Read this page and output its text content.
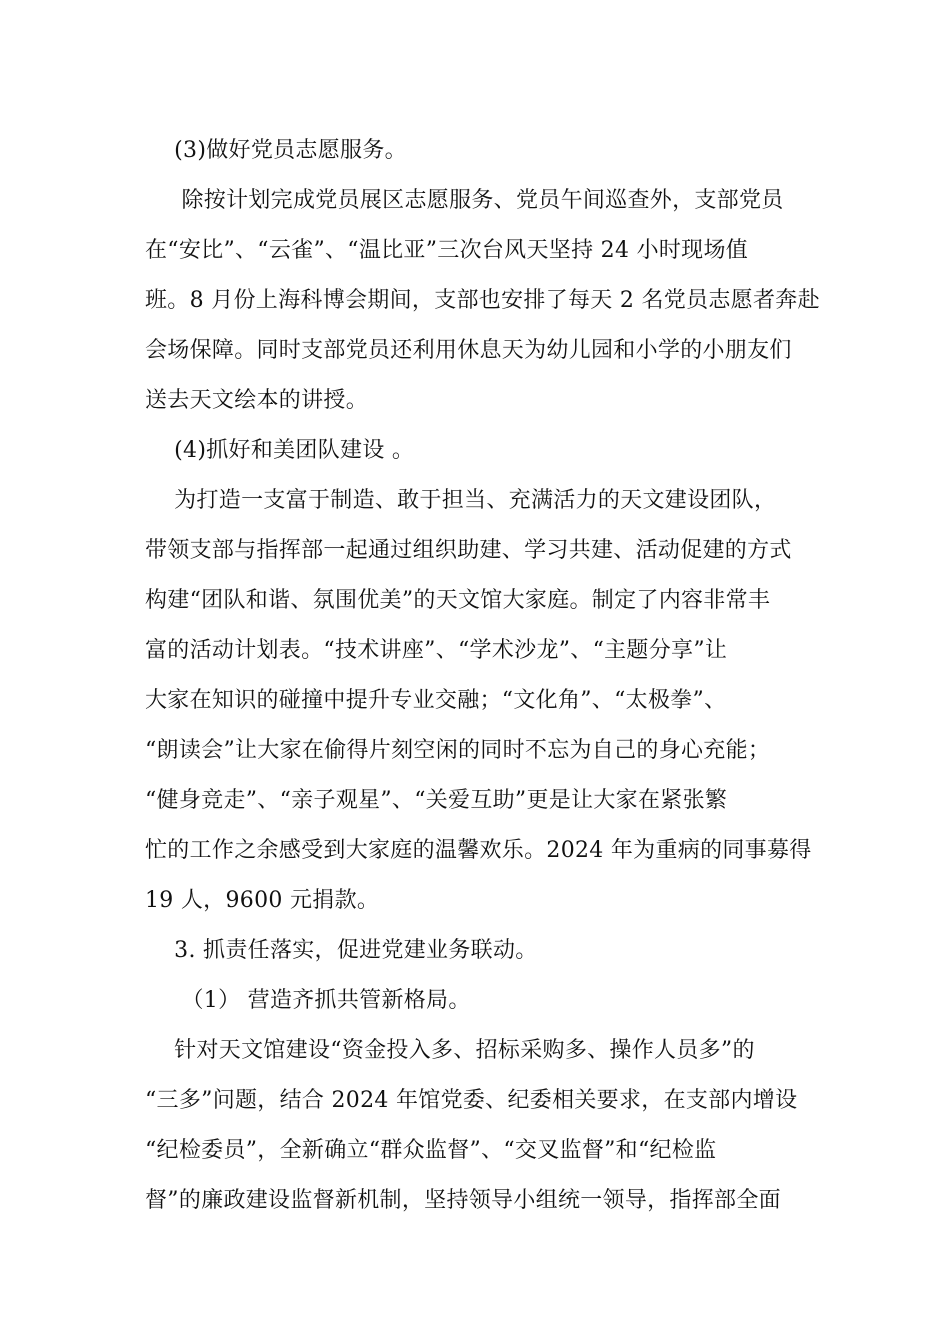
(3)做好党员志愿服务。
除按计划完成党员展区志愿服务、党员午间巡查外，支部党员
在“安比”、“云雀”、“温比亚”三次台风天坚持 24 小时现场值
班。8 月份上海科博会期间，支部也安排了每天 2 名党员志愿者奔赴
会场保障。同时支部党员还利用休息天为幼儿园和小学的小朋友们
送去天文绘本的讲授。
(4)抓好和美团队建设 。
为打造一支富于制造、敢于担当、充满活力的天文建设团队，
带领支部与指挥部一起通过组织助建、学习共建、活动促建的方式
构建“团队和谐、氛围优美”的天文馆大家庭。制定了内容非常丰
富的活动计划表。“技术讲座”、“学术沙龙”、“主题分享”让
大家在知识的碰撞中提升专业交融；“文化角”、“太极拳”、
“朗读会”让大家在偷得片刻空闲的同时不忘为自己的身心充能；
“健身竞走”、“亲子观星”、“关爱互助”更是让大家在紧张繁
忙的工作之余感受到大家庭的温馨欢乐。2024 年为重病的同事募得
19 人，9600 元捐款。
3. 抓责任落实，促进党建业务联动。
（1） 营造齐抓共管新格局。
针对天文馆建设“资金投入多、招标采购多、操作人员多”的
“三多”问题，结合 2024 年馆党委、纪委相关要求，在支部内增设
“纪检委员”，全新确立“群众监督”、“交叉监督”和“纪检监
督”的廉政建设监督新机制，坚持领导小组统一领导，指挥部全面
